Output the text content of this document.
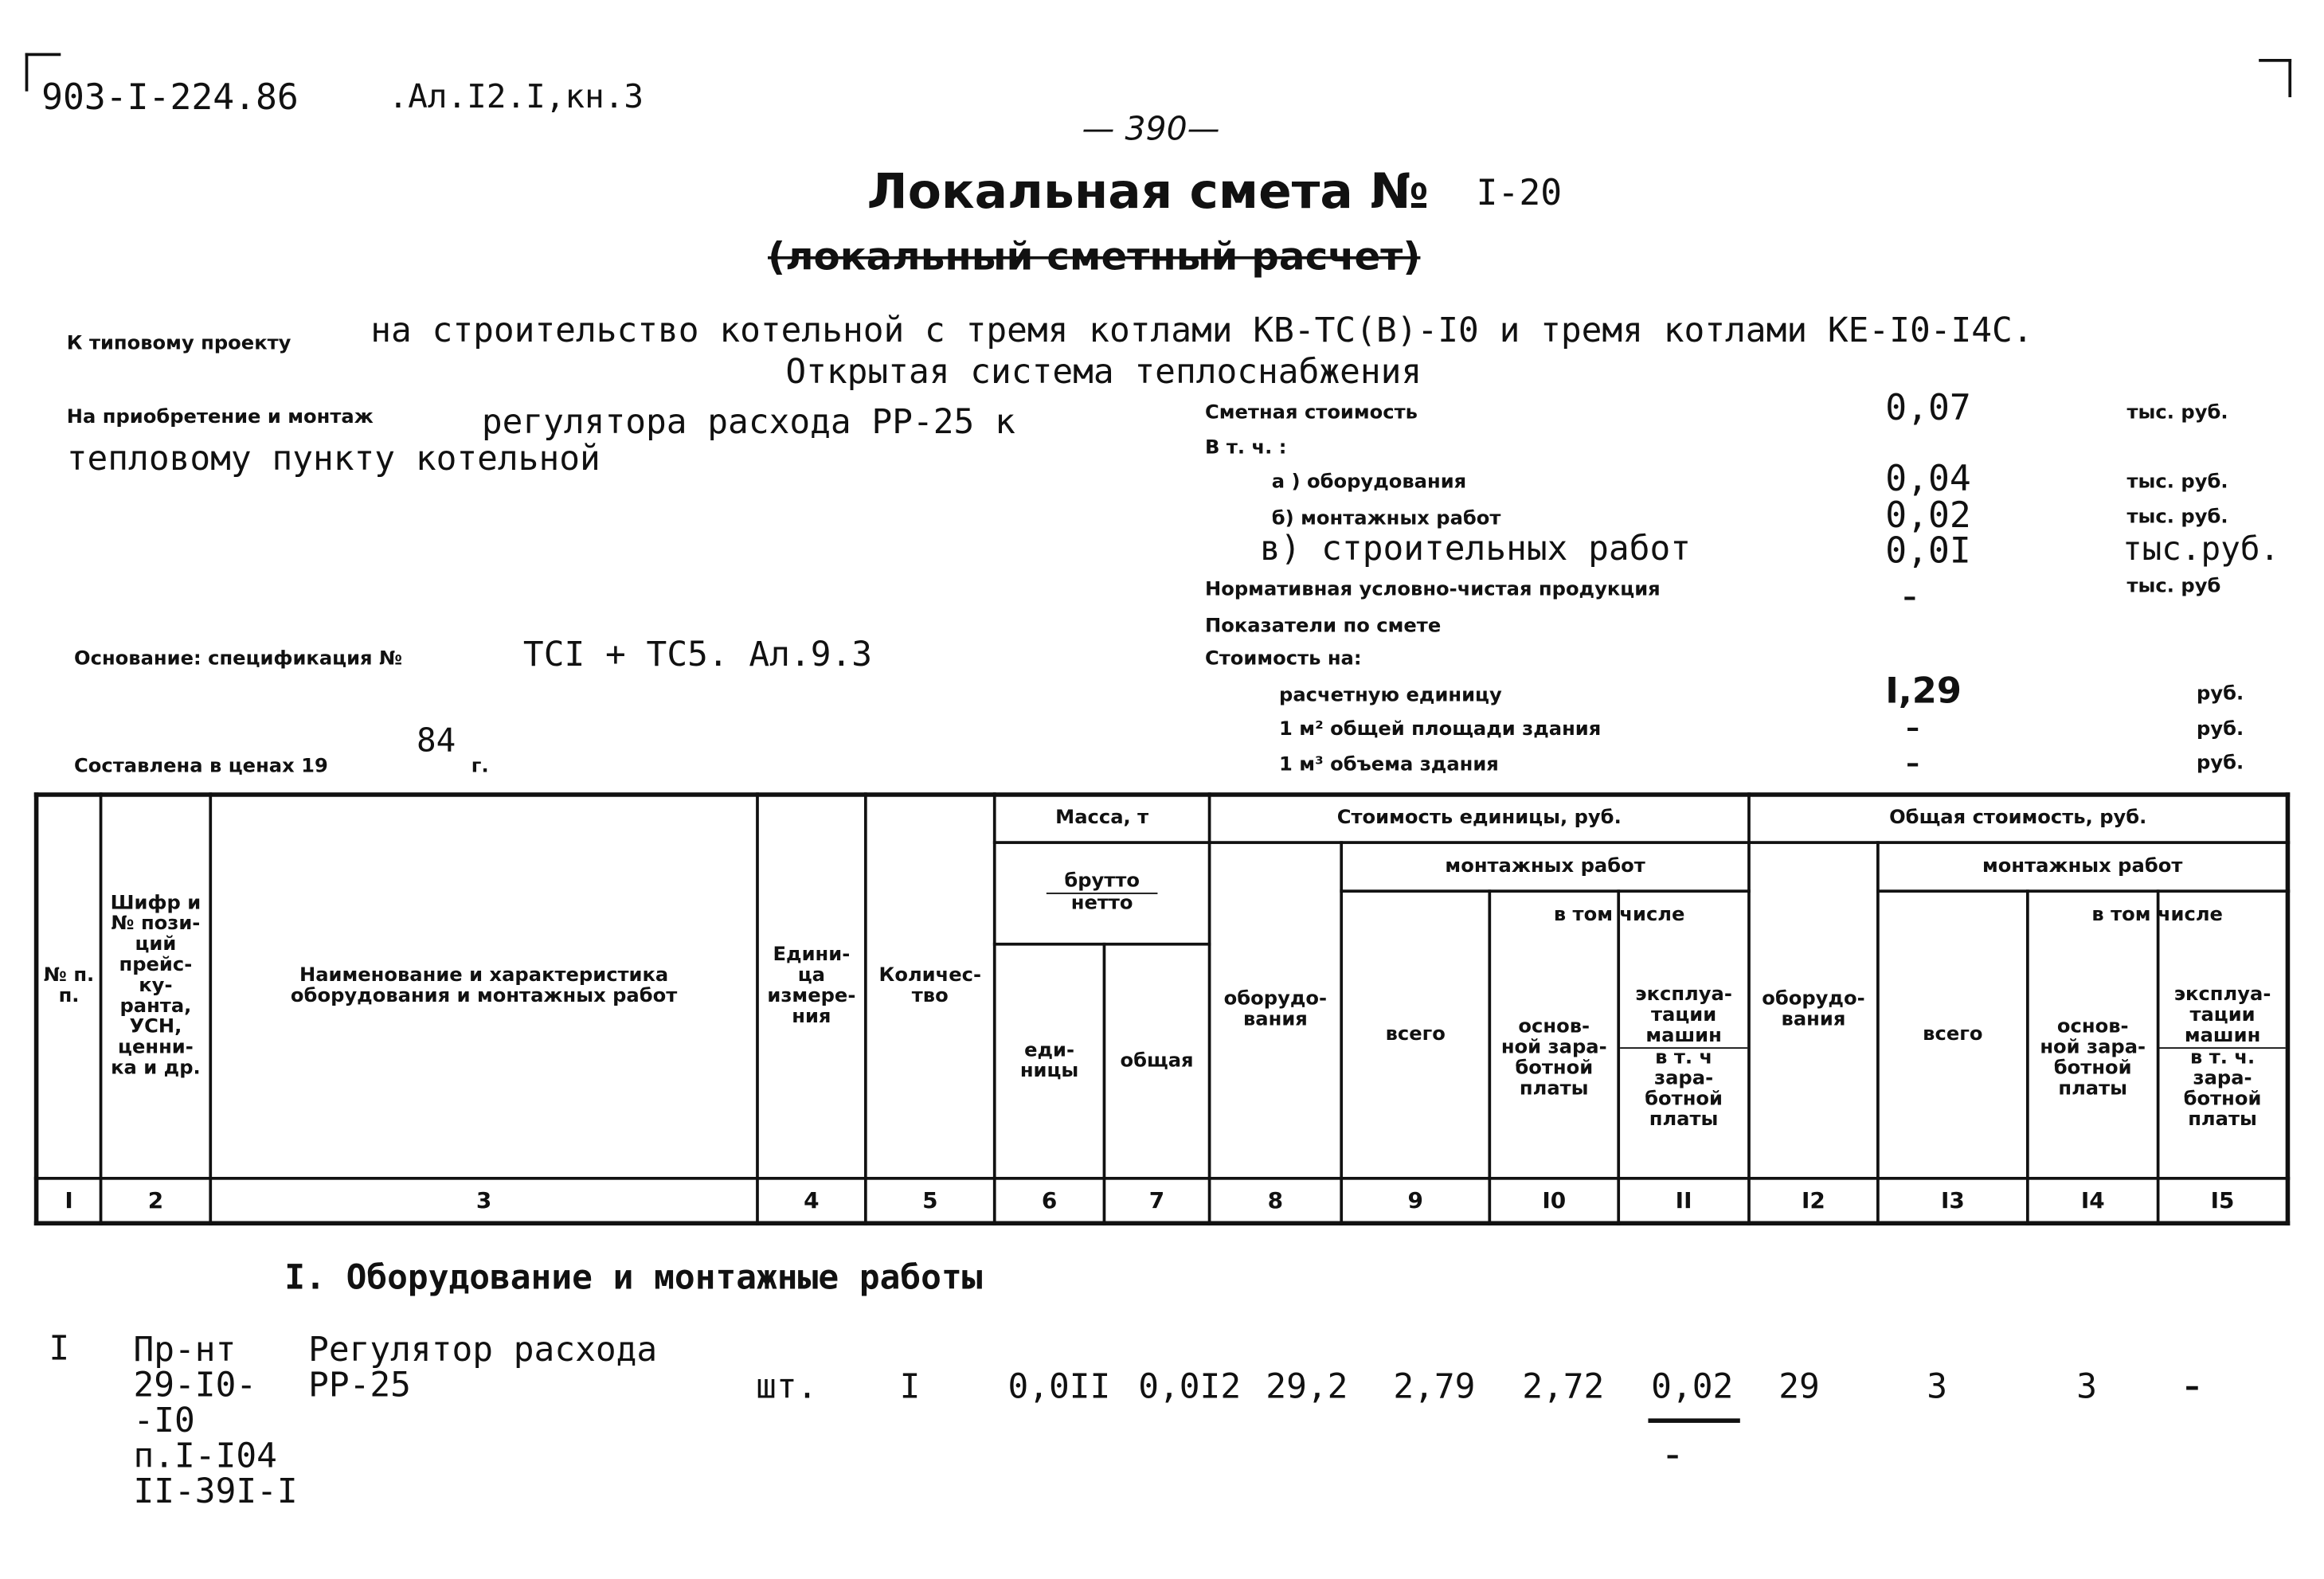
903-I-224.86	.Ал.I2.I,кн.3
— 390—
Локальная смета № I-20
(локальный сметный расчет)
К типовому проекту	на строительство котельной с тремя котлами КВ-ТС(В)-I0 и тремя котлами КЕ-I0-I4С.
Открытая система теплоснабжения
На приобретение и монтаж	регулятора расхода РР-25 к
тепловому пункту котельной
Сметная стоимость	0,07	тыс. руб.
В т. ч. :
а ) оборудования	0,04	тыс. руб.
б) монтажных работ	0,02	тыс. руб.
в) строительных работ	0,0I	тыс.руб.
Нормативная условно-чистая продукция	–	тыс. руб
Показатели по смете
Стоимость на:
расчетную единицу	I,29	руб.
1 м² общей площади здания	–	руб.
1 м³ объема здания	–	руб.
Основание: спецификация №	ТСI + ТС5. Ал.9.3
Составлена в ценах 19
84
г.
№ п. п.
Шифр и № пози-ций прейс-ку-ранта, УСН, ценни-ка и др.
Наименование и характеристика оборудования и монтажных работ
Едини-ца измере-ния
Количес-тво
Масса, т
брутто
нетто
еди-ницы	общая
Стоимость единицы, руб.
оборудо-вания
монтажных работ
всего
в том числе
основ-ной зара-ботной платы
эксплуа-тации машин
в т. ч зара-ботной платы
Общая стоимость, руб.
оборудо-вания
монтажных работ
всего
в том числе
основ-ной зара-ботной платы
эксплуа-тации машин
в т. ч. зара-ботной платы
I	2	3	4	5	6	7	8	9	I0	II	I2	I3	I4	I5
I. Оборудование и монтажные работы
I	Пр-нт
29-I0-
-I0
п.I-I04
II-39I-I
Регулятор расхода
РР-25	шт.	I	0,0II 0,0I2 29,2 2,79	2,72	0,02
–
29	3	3	–
